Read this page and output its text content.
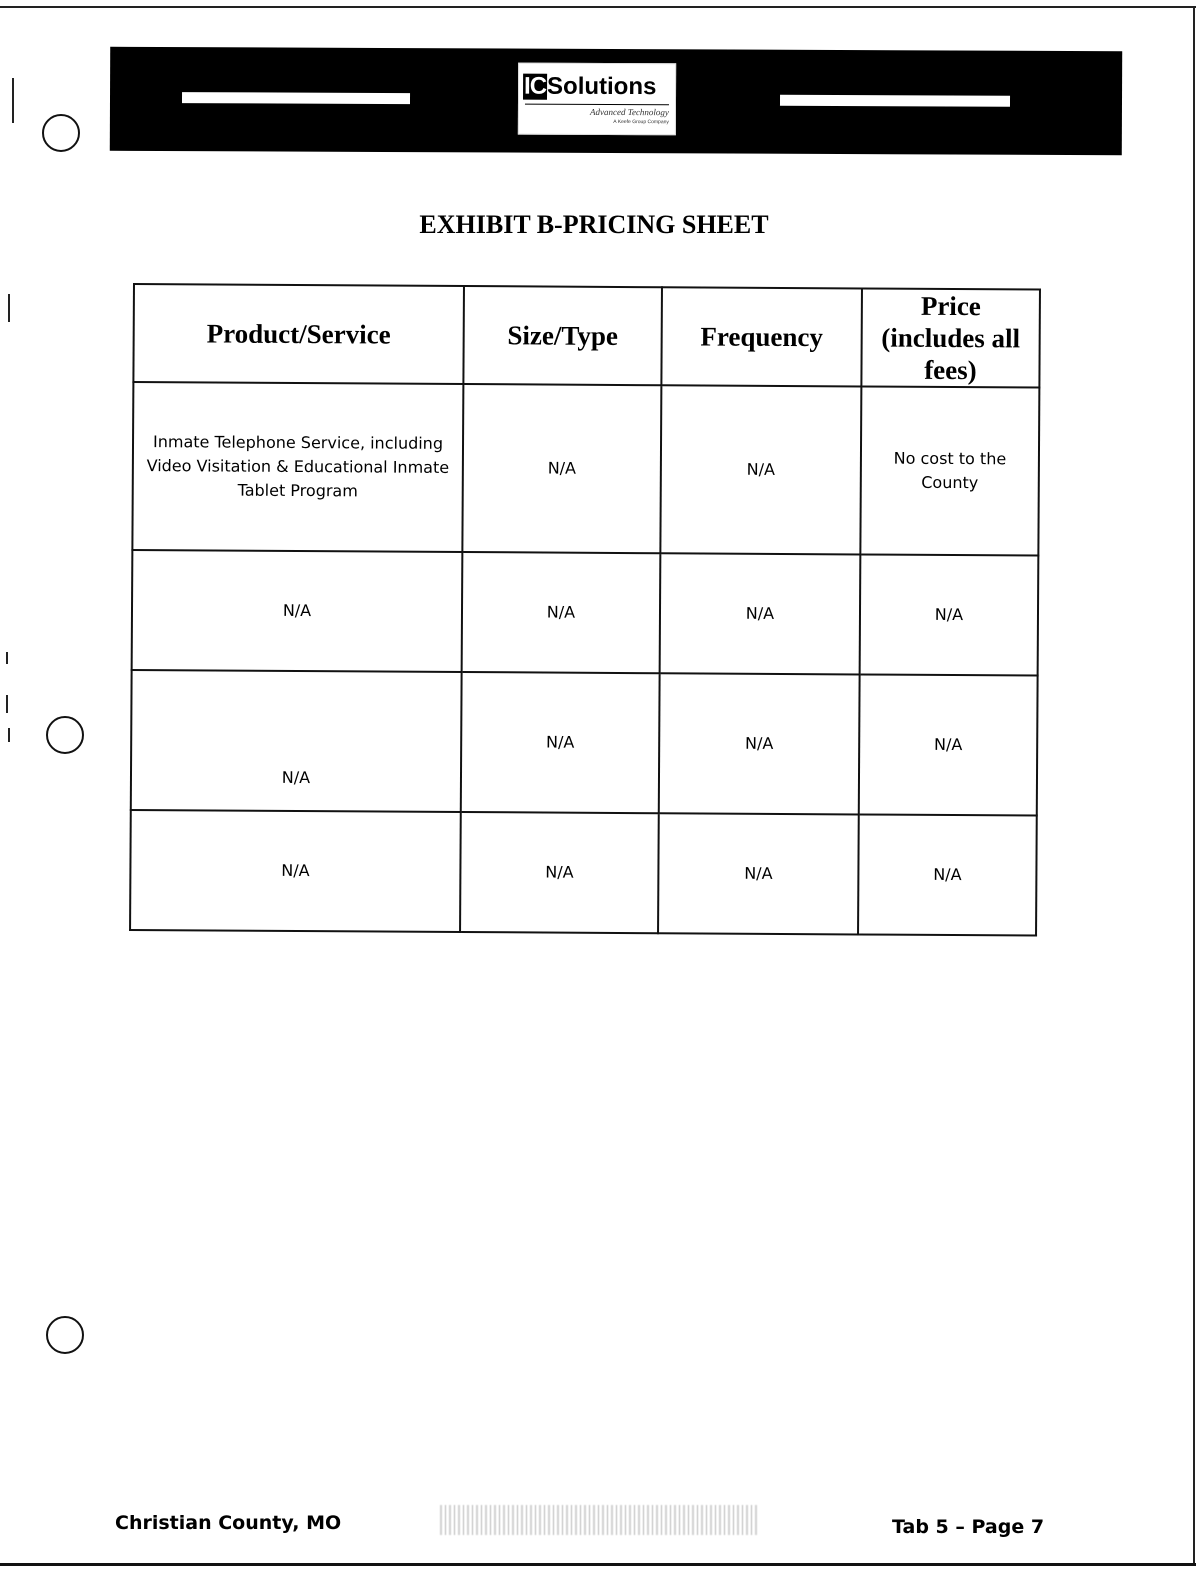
IC Solutions
Advanced Technology
A Keefe Group Company
EXHIBIT B-PRICING SHEET
Product/Service	Size/Type	Frequency	Price (includes all fees)
Inmate Telephone Service, including Video Visitation & Educational Inmate Tablet Program	N/A	N/A	No cost to the County
N/A	N/A	N/A	N/A
N/A	N/A	N/A	N/A
N/A	N/A	N/A	N/A
Christian County, MO	Tab 5 – Page 7
